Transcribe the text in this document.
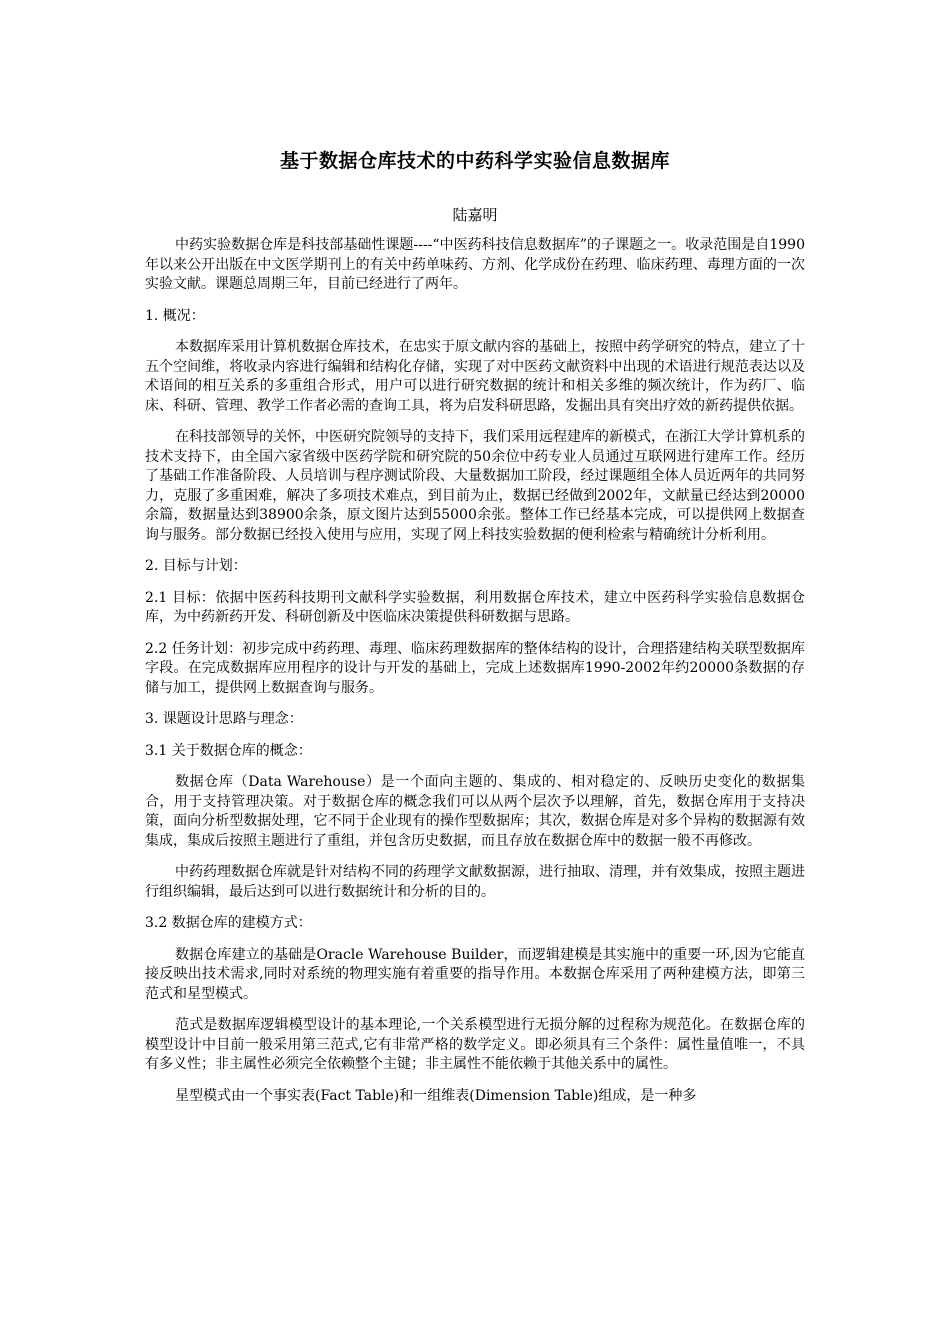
基于数据仓库技术的中药科学实验信息数据库
陆嘉明

中药实验数据仓库是科技部基础性课题----“中医药科技信息数据库”的子课题之一。收录范围是自1990年以来公开出版在中文医学期刊上的有关中药单味药、方剂、化学成份在药理、临床药理、毒理方面的一次实验文献。课题总周期三年，目前已经进行了两年。

1. 概况：

本数据库采用计算机数据仓库技术，在忠实于原文献内容的基础上，按照中药学研究的特点，建立了十五个空间维，将收录内容进行编辑和结构化存储，实现了对中医药文献资料中出现的术语进行规范表达以及术语间的相互关系的多重组合形式，用户可以进行研究数据的统计和相关多维的频次统计，作为药厂、临床、科研、管理、教学工作者必需的查询工具，将为启发科研思路，发掘出具有突出疗效的新药提供依据。

在科技部领导的关怀，中医研究院领导的支持下，我们采用远程建库的新模式，在浙江大学计算机系的技术支持下，由全国六家省级中医药学院和研究院的50余位中药专业人员通过互联网进行建库工作。经历了基础工作准备阶段、人员培训与程序测试阶段、大量数据加工阶段，经过课题组全体人员近两年的共同努力，克服了多重困难，解决了多项技术难点，到目前为止，数据已经做到2002年，文献量已经达到20000余篇，数据量达到38900余条，原文图片达到55000余张。整体工作已经基本完成，可以提供网上数据查询与服务。部分数据已经投入使用与应用，实现了网上科技实验数据的便利检索与精确统计分析利用。

2. 目标与计划：

2.1 目标：依据中医药科技期刊文献科学实验数据，利用数据仓库技术，建立中医药科学实验信息数据仓库，为中药新药开发、科研创新及中医临床决策提供科研数据与思路。

2.2 任务计划：初步完成中药药理、毒理、临床药理数据库的整体结构的设计，合理搭建结构关联型数据库字段。在完成数据库应用程序的设计与开发的基础上，完成上述数据库1990-2002年约20000条数据的存储与加工，提供网上数据查询与服务。

3. 课题设计思路与理念：

3.1 关于数据仓库的概念：

数据仓库（Data Warehouse）是一个面向主题的、集成的、相对稳定的、反映历史变化的数据集合，用于支持管理决策。对于数据仓库的概念我们可以从两个层次予以理解，首先，数据仓库用于支持决策，面向分析型数据处理，它不同于企业现有的操作型数据库；其次，数据仓库是对多个异构的数据源有效集成，集成后按照主题进行了重组，并包含历史数据，而且存放在数据仓库中的数据一般不再修改。

中药药理数据仓库就是针对结构不同的药理学文献数据源，进行抽取、清理，并有效集成，按照主题进行组织编辑，最后达到可以进行数据统计和分析的目的。

3.2 数据仓库的建模方式：

数据仓库建立的基础是Oracle Warehouse Builder，而逻辑建模是其实施中的重要一环,因为它能直接反映出技术需求,同时对系统的物理实施有着重要的指导作用。本数据仓库采用了两种建模方法，即第三范式和星型模式。

范式是数据库逻辑模型设计的基本理论,一个关系模型进行无损分解的过程称为规范化。在数据仓库的模型设计中目前一般采用第三范式,它有非常严格的数学定义。即必须具有三个条件：属性量值唯一，不具有多义性；非主属性必须完全依赖整个主键；非主属性不能依赖于其他关系中的属性。

星型模式由一个事实表(Fact Table)和一组维表(Dimension Table)组成，是一种多
